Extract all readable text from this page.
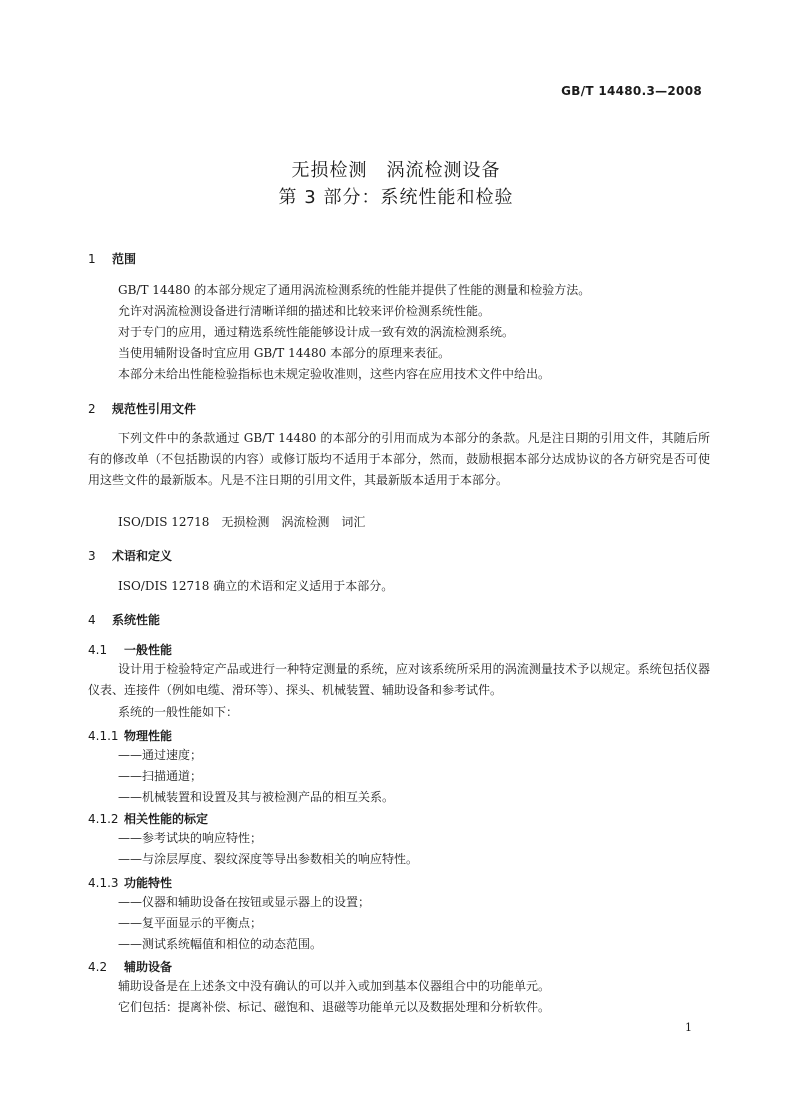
GB/T 14480.3—2008
无损检测　涡流检测设备
第 3 部分：系统性能和检验
1 范围
GB/T 14480 的本部分规定了通用涡流检测系统的性能并提供了性能的测量和检验方法。
允许对涡流检测设备进行清晰详细的描述和比较来评价检测系统性能。
对于专门的应用，通过精选系统性能能够设计成一致有效的涡流检测系统。
当使用辅附设备时宜应用 GB/T 14480 本部分的原理来表征。
本部分未给出性能检验指标也未规定验收准则，这些内容在应用技术文件中给出。
2 规范性引用文件
下列文件中的条款通过 GB/T 14480 的本部分的引用而成为本部分的条款。凡是注日期的引用文件，其随后所有的修改单（不包括勘误的内容）或修订版均不适用于本部分，然而，鼓励根据本部分达成协议的各方研究是否可使用这些文件的最新版本。凡是不注日期的引用文件，其最新版本适用于本部分。
ISO/DIS 12718　无损检测　涡流检测　词汇
3 术语和定义
ISO/DIS 12718 确立的术语和定义适用于本部分。
4 系统性能
4.1 一般性能
设计用于检验特定产品或进行一种特定测量的系统，应对该系统所采用的涡流测量技术予以规定。系统包括仪器仪表、连接件（例如电缆、滑环等）、探头、机械装置、辅助设备和参考试件。
系统的一般性能如下：
4.1.1 物理性能
——通过速度；
——扫描通道；
——机械装置和设置及其与被检测产品的相互关系。
4.1.2 相关性能的标定
——参考试块的响应特性；
——与涂层厚度、裂纹深度等导出参数相关的响应特性。
4.1.3 功能特性
——仪器和辅助设备在按钮或显示器上的设置；
——复平面显示的平衡点；
——测试系统幅值和相位的动态范围。
4.2 辅助设备
辅助设备是在上述条文中没有确认的可以并入或加到基本仪器组合中的功能单元。
它们包括：提离补偿、标记、磁饱和、退磁等功能单元以及数据处理和分析软件。
1
